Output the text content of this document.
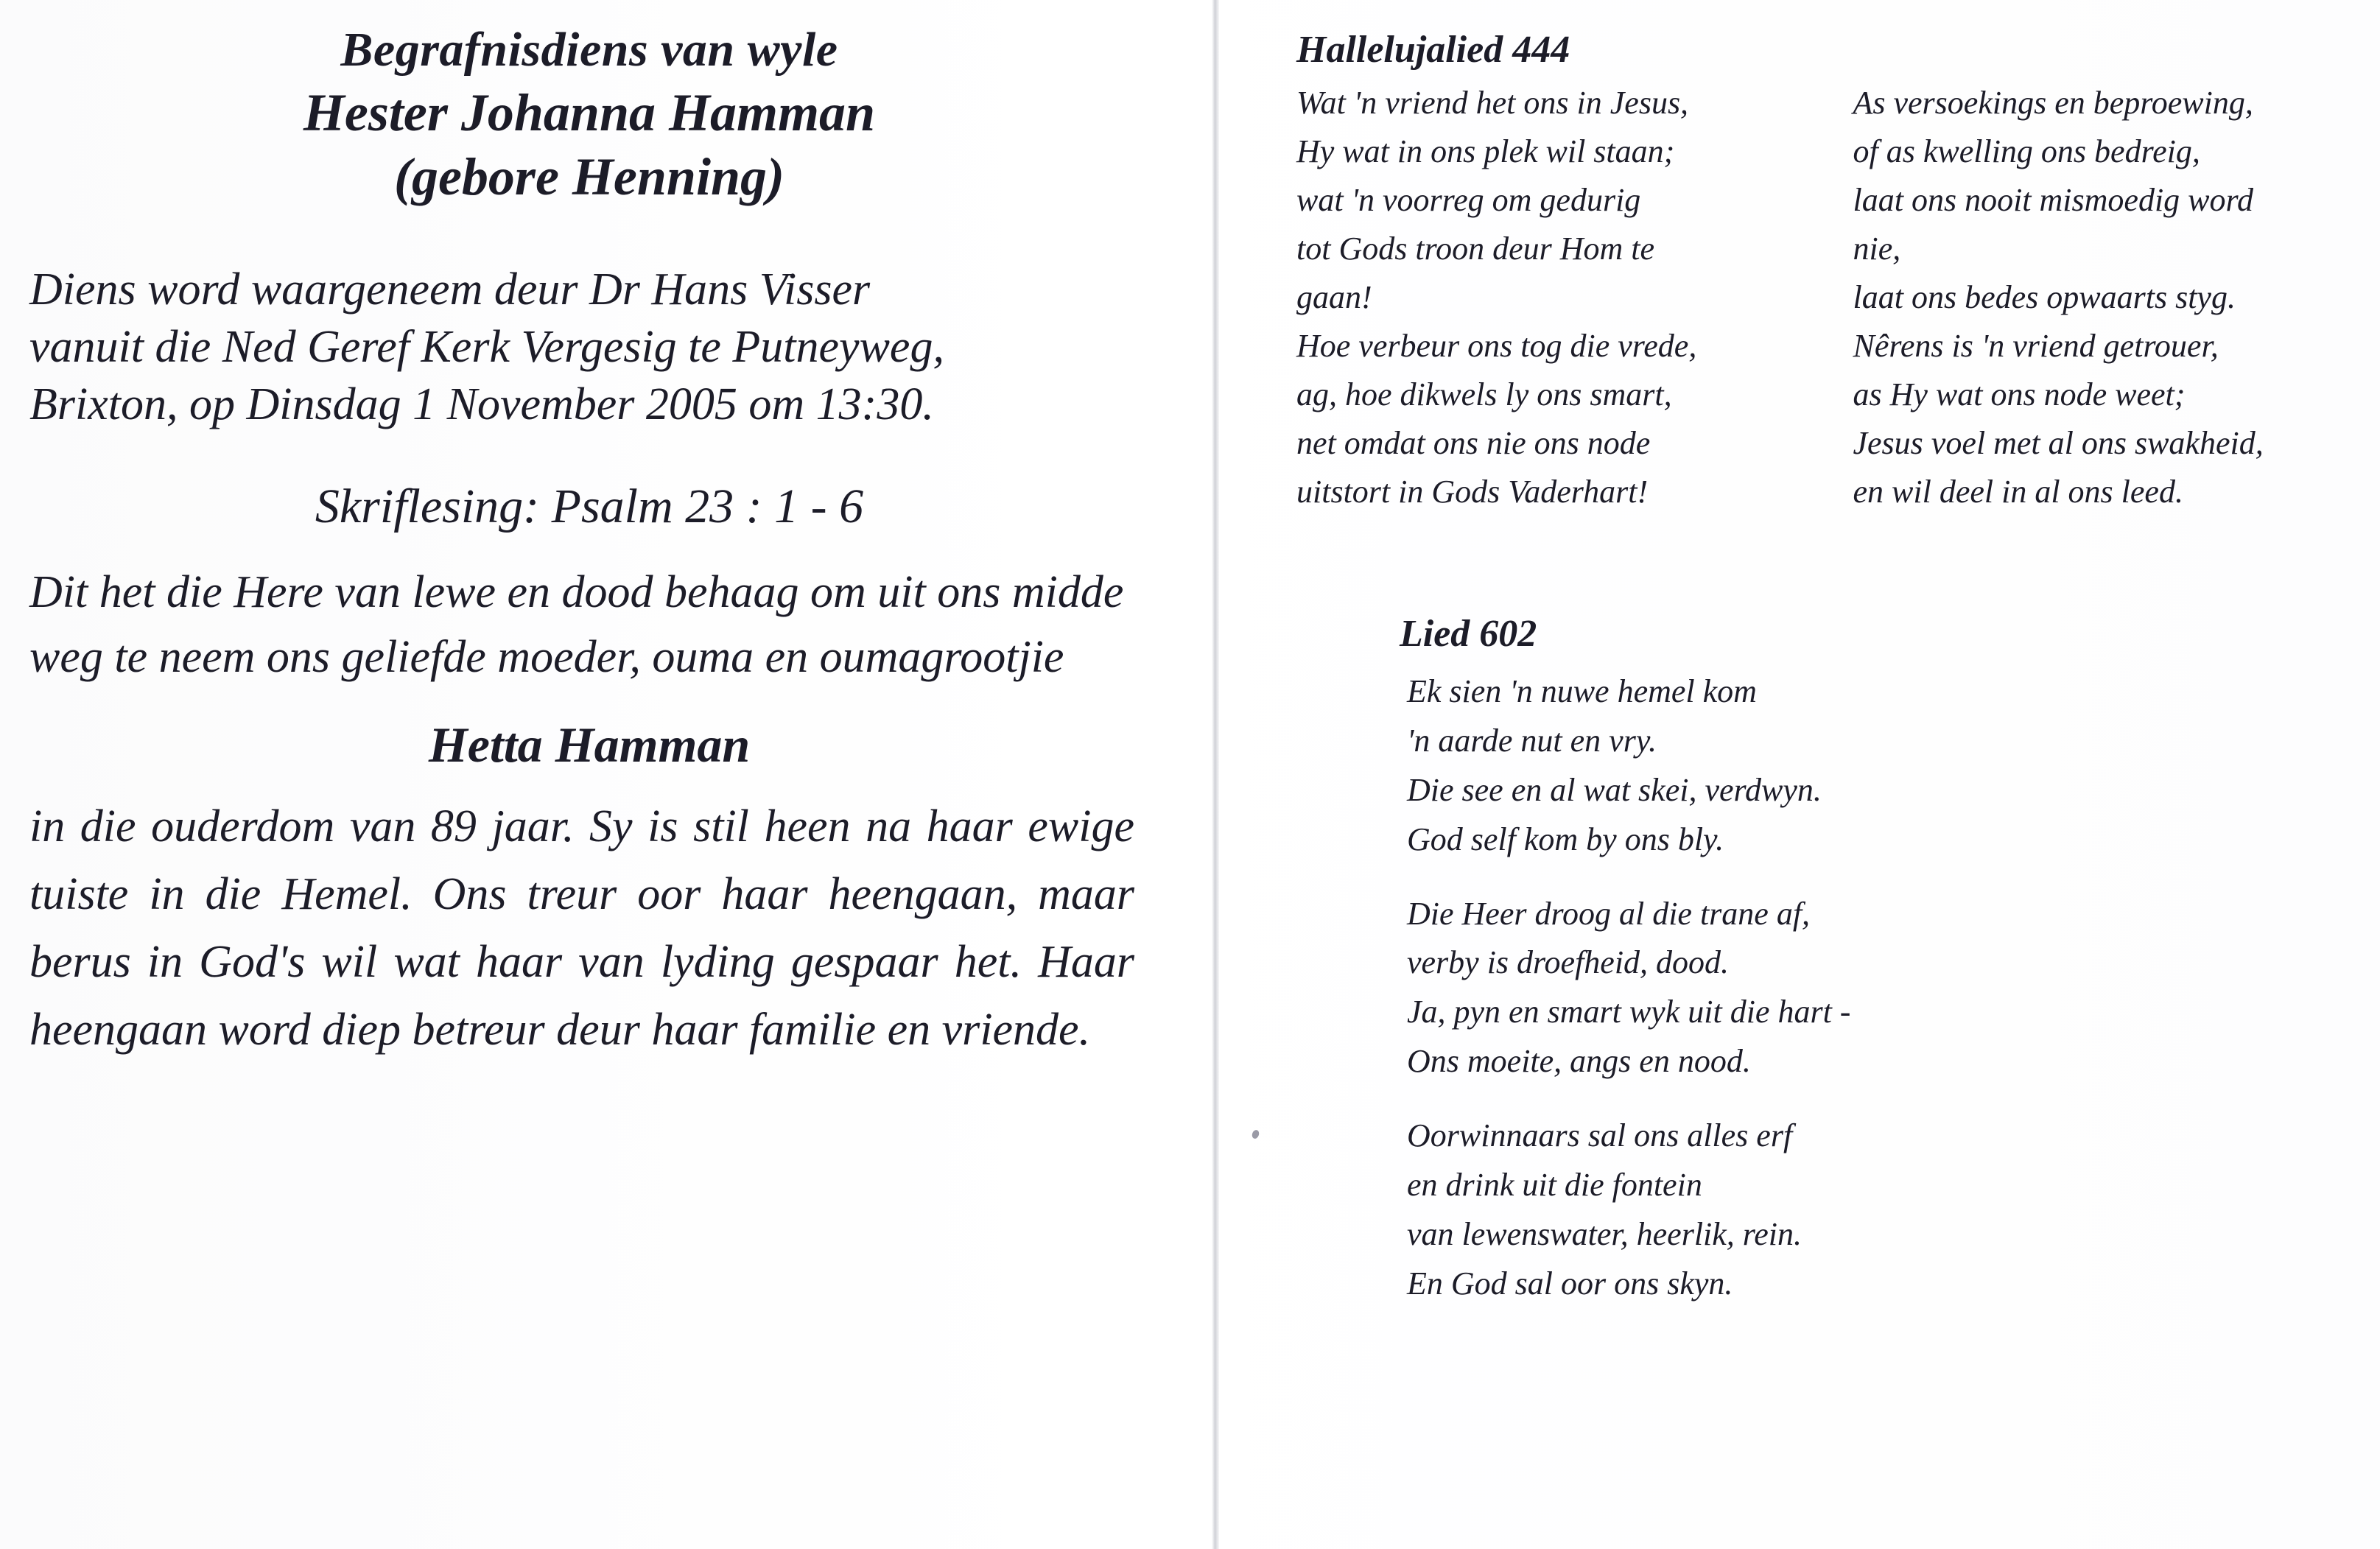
Begrafnisdiens van wyle
Hester Johanna Hamman
(gebore Henning)
Diens word waargeneem deur Dr Hans Visser
vanuit die Ned Geref Kerk Vergesig te Putneyweg,
Brixton, op Dinsdag 1 November 2005 om 13:30.
Skriflesing: Psalm 23 : 1 - 6
Dit het die Here van lewe en dood behaag om uit ons midde weg te neem ons geliefde moeder, ouma en oumagrootjie
Hetta Hamman
in die ouderdom van 89 jaar. Sy is stil heen na haar ewige tuiste in die Hemel. Ons treur oor haar heengaan, maar berus in God's wil wat haar van lyding gespaar het. Haar heengaan word diep betreur deur haar familie en vriende.
Hallelujalied 444
Wat 'n vriend het ons in Jesus,
Hy wat in ons plek wil staan;
wat 'n voorreg om gedurig
tot Gods troon deur Hom te
gaan!
Hoe verbeur ons tog die vrede,
ag, hoe dikwels ly ons smart,
net omdat ons nie ons node
uitstort in Gods Vaderhart!
As versoekings en beproewing,
of as kwelling ons bedreig,
laat ons nooit mismoedig word
nie,
laat ons bedes opwaarts styg.
Nêrens is 'n vriend getrouer,
as Hy wat ons node weet;
Jesus voel met al ons swakheid,
en wil deel in al ons leed.
Lied 602
Ek sien 'n nuwe hemel kom
'n aarde nut en vry.
Die see en al wat skei, verdwyn.
God self kom by ons bly.
Die Heer droog al die trane af,
verby is droefheid, dood.
Ja, pyn en smart wyk uit die hart -
Ons moeite, angs en nood.
Oorwinnaars sal ons alles erf
en drink uit die fontein
van lewenswater, heerlik, rein.
En God sal oor ons skyn.
